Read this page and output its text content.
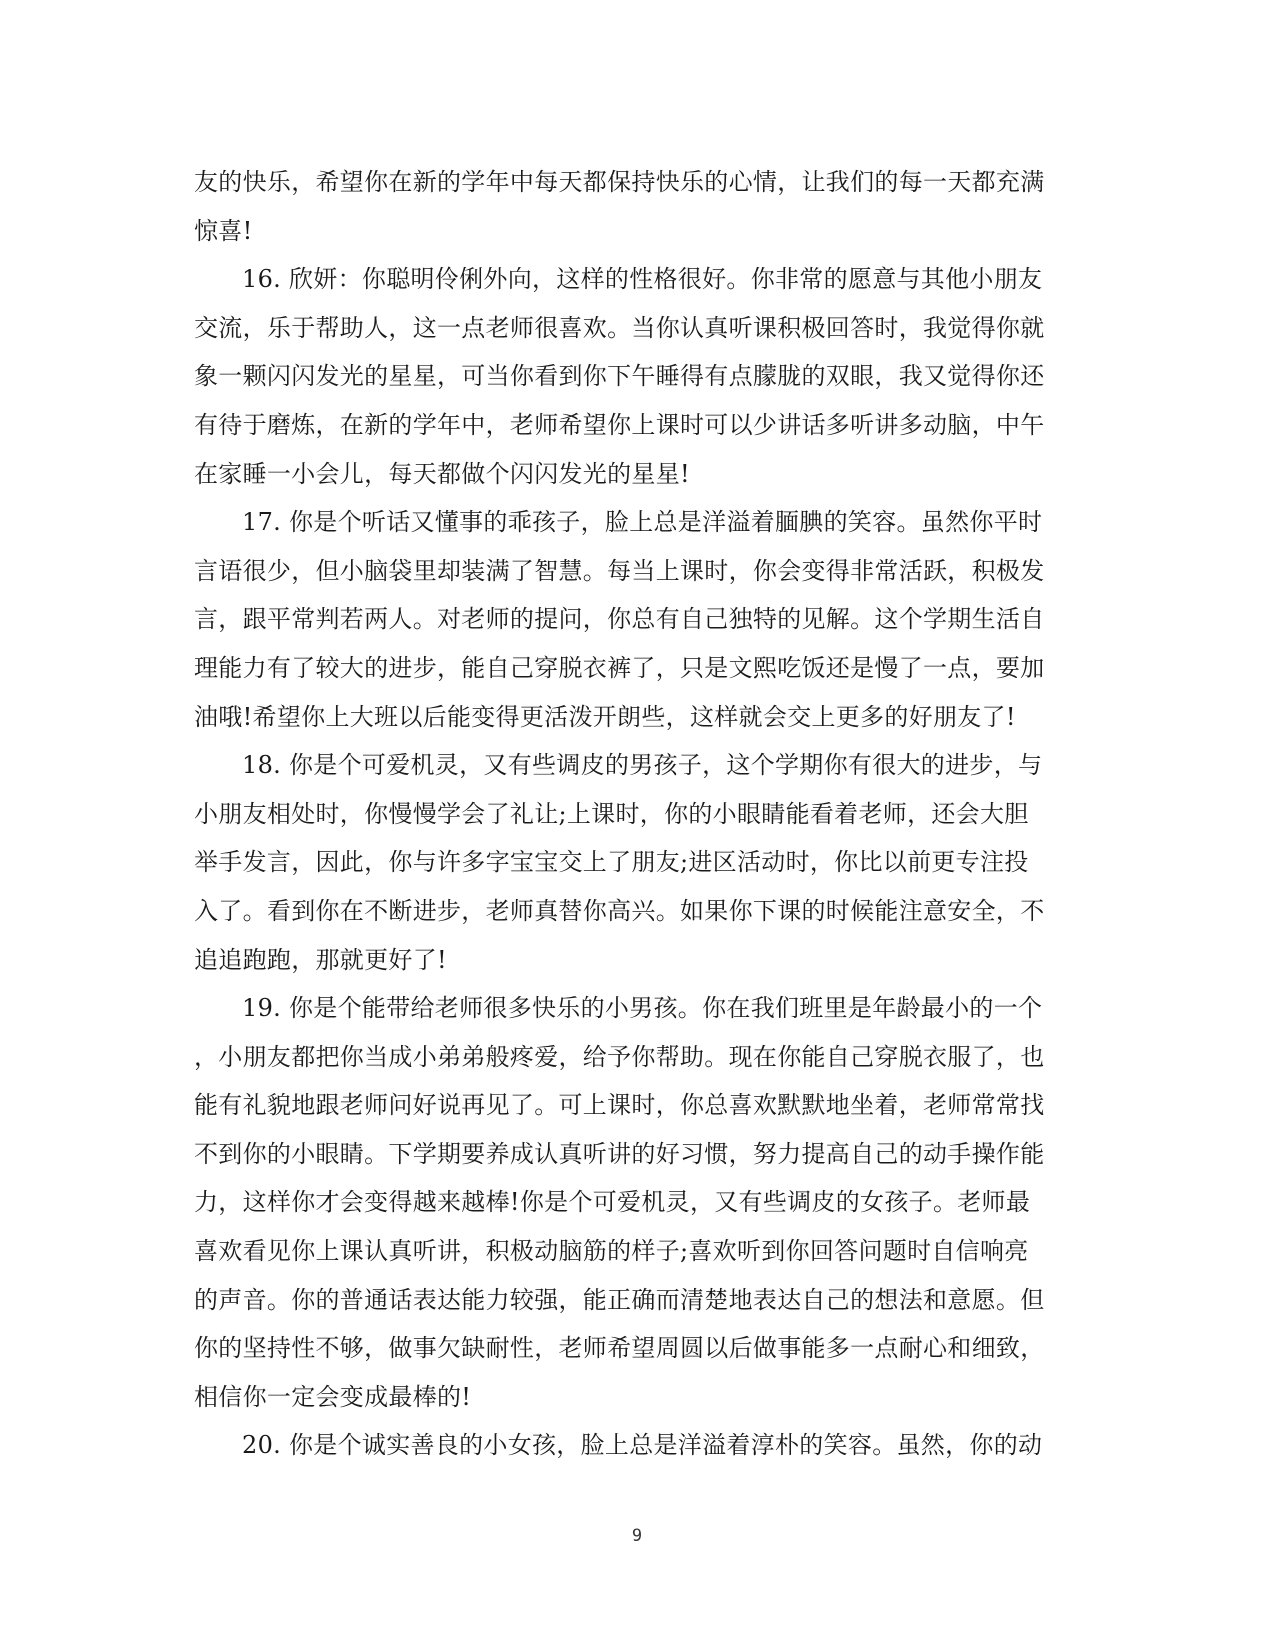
友的快乐，希望你在新的学年中每天都保持快乐的心情，让我们的每一天都充满
惊喜!
16. 欣妍：你聪明伶俐外向，这样的性格很好。你非常的愿意与其他小朋友
交流，乐于帮助人，这一点老师很喜欢。当你认真听课积极回答时，我觉得你就
象一颗闪闪发光的星星，可当你看到你下午睡得有点朦胧的双眼，我又觉得你还
有待于磨炼，在新的学年中，老师希望你上课时可以少讲话多听讲多动脑，中午
在家睡一小会儿，每天都做个闪闪发光的星星!
17. 你是个听话又懂事的乖孩子，脸上总是洋溢着腼腆的笑容。虽然你平时
言语很少，但小脑袋里却装满了智慧。每当上课时，你会变得非常活跃，积极发
言，跟平常判若两人。对老师的提问，你总有自己独特的见解。这个学期生活自
理能力有了较大的进步，能自己穿脱衣裤了，只是文熙吃饭还是慢了一点，要加
油哦!希望你上大班以后能变得更活泼开朗些，这样就会交上更多的好朋友了!
18. 你是个可爱机灵，又有些调皮的男孩子，这个学期你有很大的进步，与
小朋友相处时，你慢慢学会了礼让;上课时，你的小眼睛能看着老师，还会大胆
举手发言，因此，你与许多字宝宝交上了朋友;进区活动时，你比以前更专注投
入了。看到你在不断进步，老师真替你高兴。如果你下课的时候能注意安全，不
追追跑跑，那就更好了!
19. 你是个能带给老师很多快乐的小男孩。你在我们班里是年龄最小的一个
，小朋友都把你当成小弟弟般疼爱，给予你帮助。现在你能自己穿脱衣服了，也
能有礼貌地跟老师问好说再见了。可上课时，你总喜欢默默地坐着，老师常常找
不到你的小眼睛。下学期要养成认真听讲的好习惯，努力提高自己的动手操作能
力，这样你才会变得越来越棒!你是个可爱机灵，又有些调皮的女孩子。老师最
喜欢看见你上课认真听讲，积极动脑筋的样子;喜欢听到你回答问题时自信响亮
的声音。你的普通话表达能力较强，能正确而清楚地表达自己的想法和意愿。但
你的坚持性不够，做事欠缺耐性，老师希望周圆以后做事能多一点耐心和细致，
相信你一定会变成最棒的!
20. 你是个诚实善良的小女孩，脸上总是洋溢着淳朴的笑容。虽然，你的动
9
